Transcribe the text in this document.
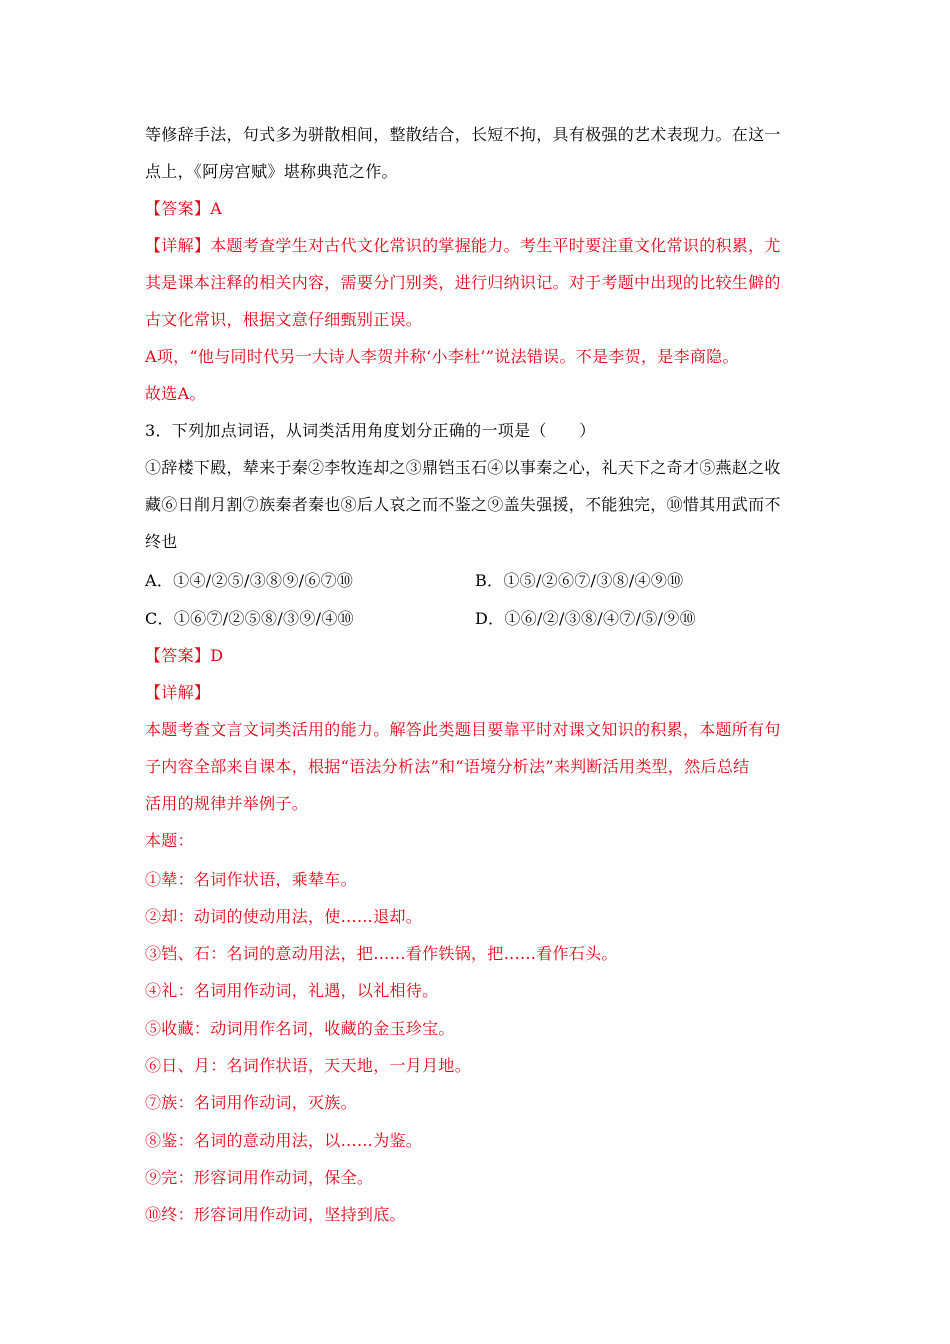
等修辞手法，句式多为骈散相间，整散结合，长短不拘，具有极强的艺术表现力。在这一
点上，《阿房宫赋》堪称典范之作。
【答案】A
【详解】本题考查学生对古代文化常识的掌握能力。考生平时要注重文化常识的积累，尤
其是课本注释的相关内容，需要分门别类，进行归纳识记。对于考题中出现的比较生僻的
古文化常识，根据文意仔细甄别正误。
A项，“他与同时代另一大诗人李贺并称‘小李杜’”说法错误。不是李贺，是李商隐。
故选A。
3．下列加点词语，从词类活用角度划分正确的一项是（　　）
①辞楼下殿，辇来于秦②李牧连却之③鼎铛玉石④以事秦之心，礼天下之奇才⑤燕赵之收
藏⑥日削月割⑦族秦者秦也⑧后人哀之而不鉴之⑨盖失强援，不能独完，⑩惜其用武而不
终也
A．①④/②⑤/③⑧⑨/⑥⑦⑩	B．①⑤/②⑥⑦/③⑧/④⑨⑩
C．①⑥⑦/②⑤⑧/③⑨/④⑩	D．①⑥/②/③⑧/④⑦/⑤/⑨⑩
【答案】D
【详解】
本题考查文言文词类活用的能力。解答此类题目要靠平时对课文知识的积累，本题所有句
子内容全部来自课本，根据“语法分析法”和“语境分析法”来判断活用类型，然后总结
活用的规律并举例子。
本题：
①辇：名词作状语，乘辇车。
②却：动词的使动用法，使……退却。
③铛、石：名词的意动用法，把……看作铁锅，把……看作石头。
④礼：名词用作动词，礼遇，以礼相待。
⑤收藏：动词用作名词，收藏的金玉珍宝。
⑥日、月：名词作状语，天天地，一月月地。
⑦族：名词用作动词，灭族。
⑧鉴：名词的意动用法，以……为鉴。
⑨完：形容词用作动词，保全。
⑩终：形容词用作动词，坚持到底。
